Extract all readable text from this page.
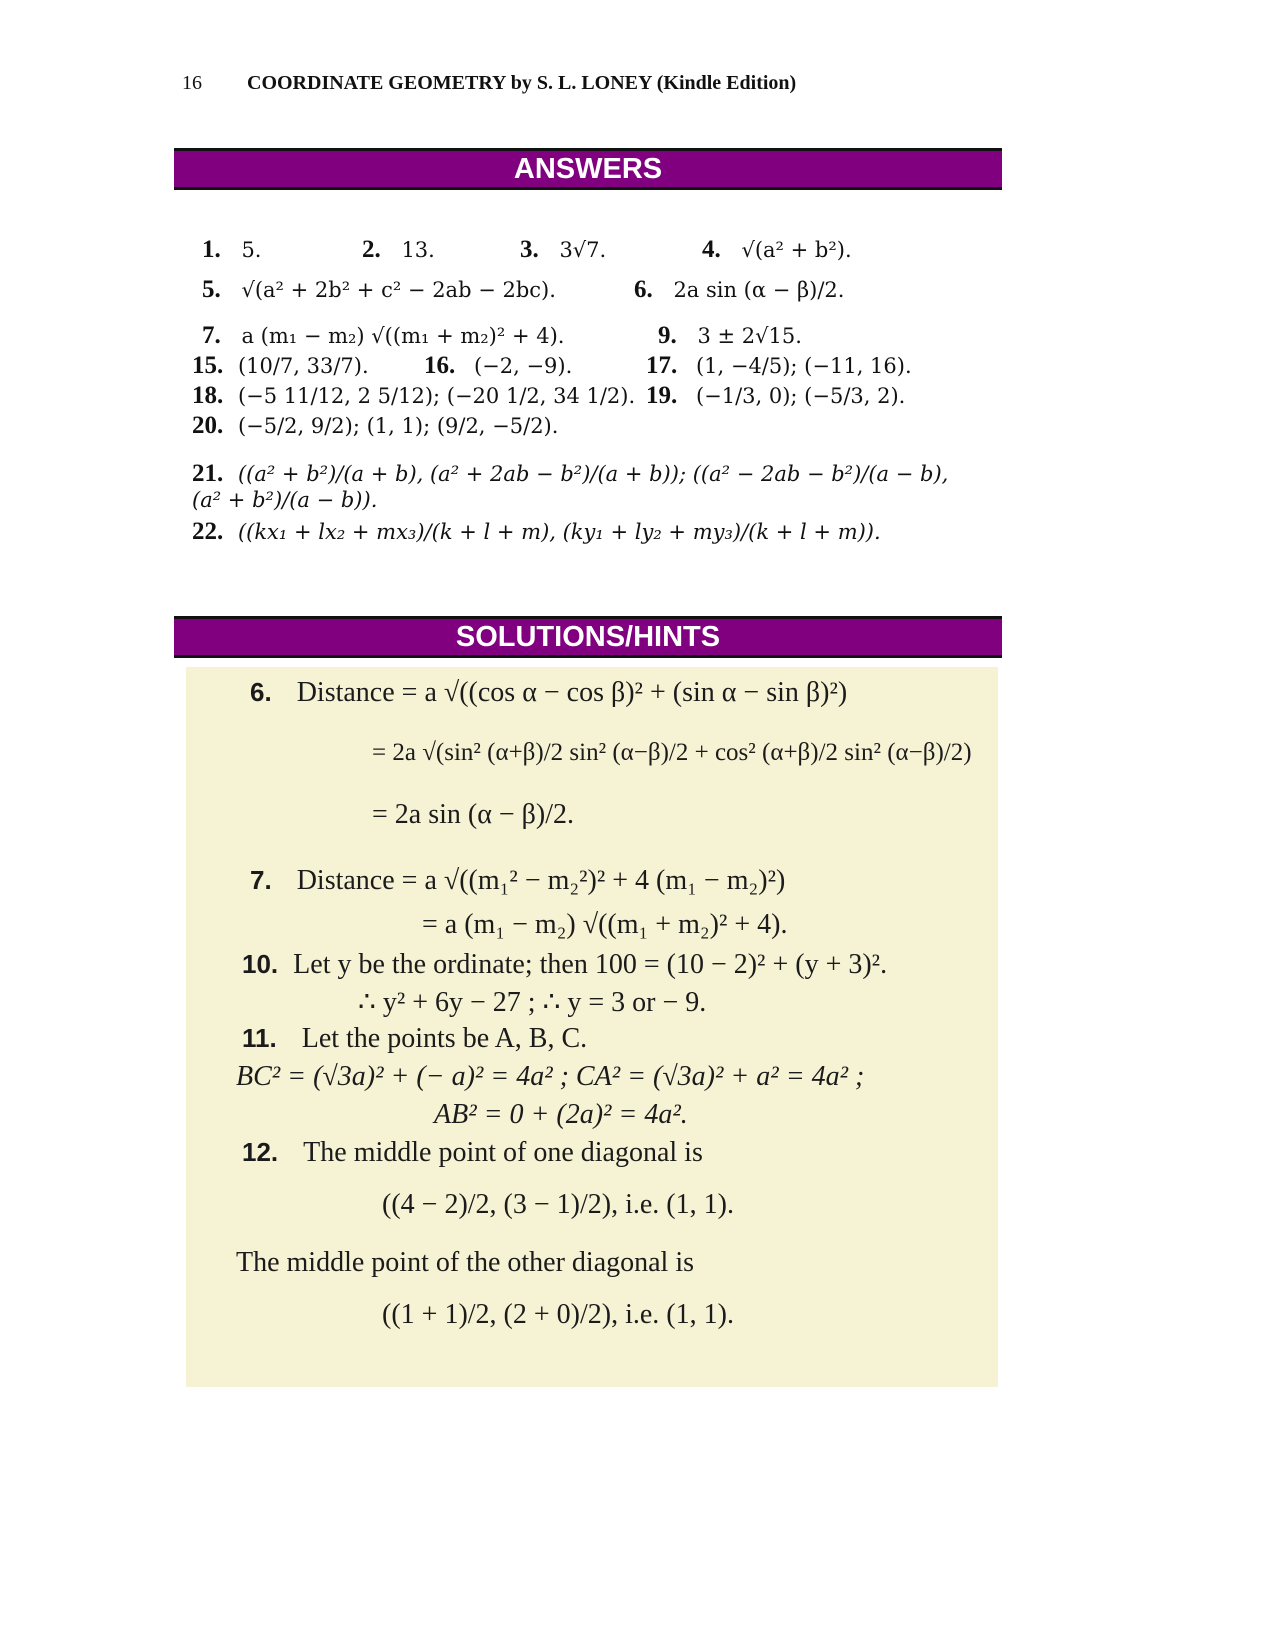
16 COORDINATE GEOMETRY by S. L. LONEY (Kindle Edition)
ANSWERS
1. 5.	2. 13.	3. 3√7.	4. √(a² + b²).
5. √(a² + 2b² + c² − 2ab − 2bc).	6. 2a sin (α − β)/2.
7. a (m₁ − m₂) √((m₁ + m₂)² + 4).	9. 3 ± 2√15.
15. (10/7, 33/7). 16. (−2, −9).	17. (1, −4/5); (−11, 16).
18. (−5 11/12, 2 5/12); (−20 1/2, 34 1/2). 19. (−1/3, 0); (−5/3, 2).
20. (−5/2, 9/2); (1, 1); (9/2, −5/2).
21. ((a² + b²)/(a + b), (a² + 2ab − b²)/(a + b)); ((a² − 2ab − b²)/(a − b), (a² + b²)/(a − b)).
22. ((kx₁ + lx₂ + mx₃)/(k + l + m), (ky₁ + ly₂ + my₃)/(k + l + m)).
SOLUTIONS/HINTS
6. Distance = a √((cos α − cos β)² + (sin α − sin β)²)
= 2a √(sin² (α+β)/2 sin² (α−β)/2 + cos² (α+β)/2 sin² (α−β)/2)
= 2a sin (α − β)/2.
7. Distance = a √((m₁² − m₂²)² + 4 (m₁ − m₂)²)
= a (m₁ − m₂) √((m₁ + m₂)² + 4).
10. Let y be the ordinate; then 100 = (10 − 2)² + (y + 3)².
∴ y² + 6y − 27 ; ∴ y = 3 or − 9.
11. Let the points be A, B, C.
BC² = (√3a)² + (− a)² = 4a² ; CA² = (√3a)² + a² = 4a² ;
AB² = 0 + (2a)² = 4a².
12. The middle point of one diagonal is
((4 − 2)/2, (3 − 1)/2), i.e. (1, 1).
The middle point of the other diagonal is
((1 + 1)/2, (2 + 0)/2), i.e. (1, 1).
